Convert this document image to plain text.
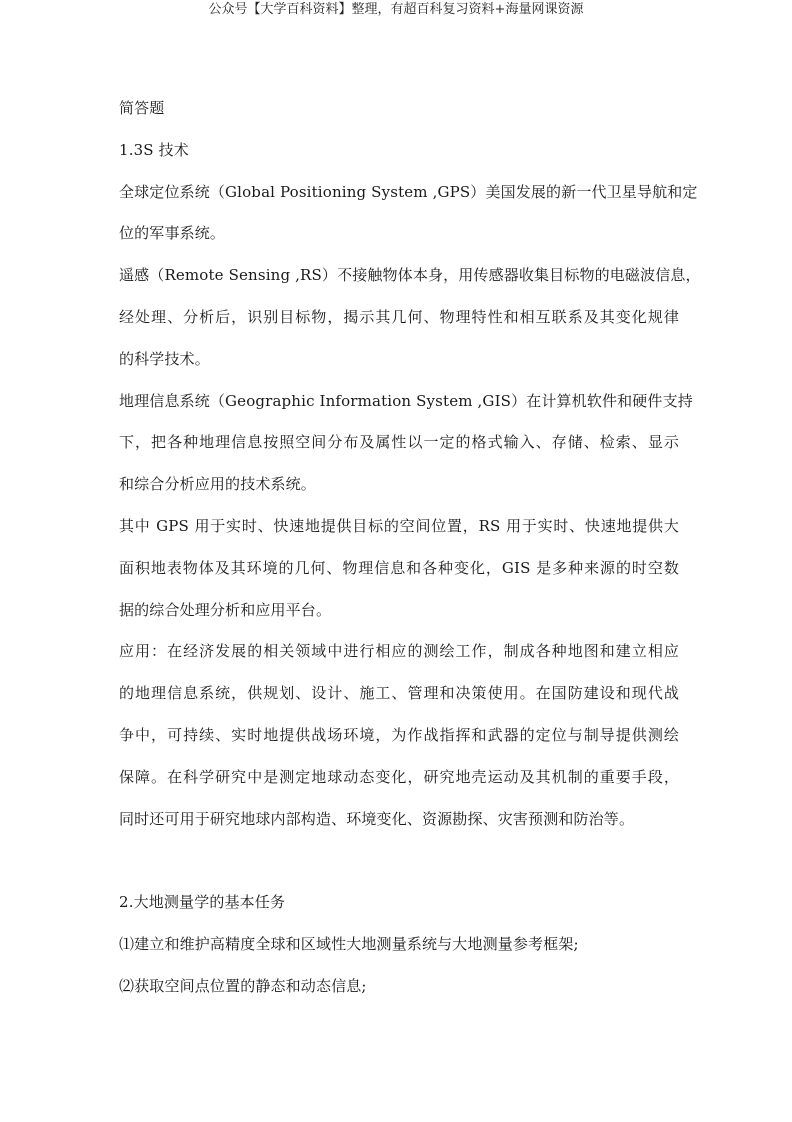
公众号【大学百科资料】整理，有超百科复习资料+海量网课资源
简答题
1.3S 技术
全球定位系统（Global Positioning System ,GPS）美国发展的新一代卫星导航和定
位的军事系统。
遥感（Remote Sensing ,RS）不接触物体本身，用传感器收集目标物的电磁波信息，
经处理、分析后，识别目标物，揭示其几何、物理特性和相互联系及其变化规律
的科学技术。
地理信息系统（Geographic Information System ,GIS）在计算机软件和硬件支持
下，把各种地理信息按照空间分布及属性以一定的格式输入、存储、检索、显示
和综合分析应用的技术系统。
其中 GPS 用于实时、快速地提供目标的空间位置，RS 用于实时、快速地提供大
面积地表物体及其环境的几何、物理信息和各种变化，GIS 是多种来源的时空数
据的综合处理分析和应用平台。
应用：在经济发展的相关领域中进行相应的测绘工作，制成各种地图和建立相应
的地理信息系统，供规划、设计、施工、管理和决策使用。在国防建设和现代战
争中，可持续、实时地提供战场环境，为作战指挥和武器的定位与制导提供测绘
保障。在科学研究中是测定地球动态变化，研究地壳运动及其机制的重要手段，
同时还可用于研究地球内部构造、环境变化、资源勘探、灾害预测和防治等。
2.大地测量学的基本任务
⑴建立和维护高精度全球和区域性大地测量系统与大地测量参考框架;
⑵获取空间点位置的静态和动态信息;
